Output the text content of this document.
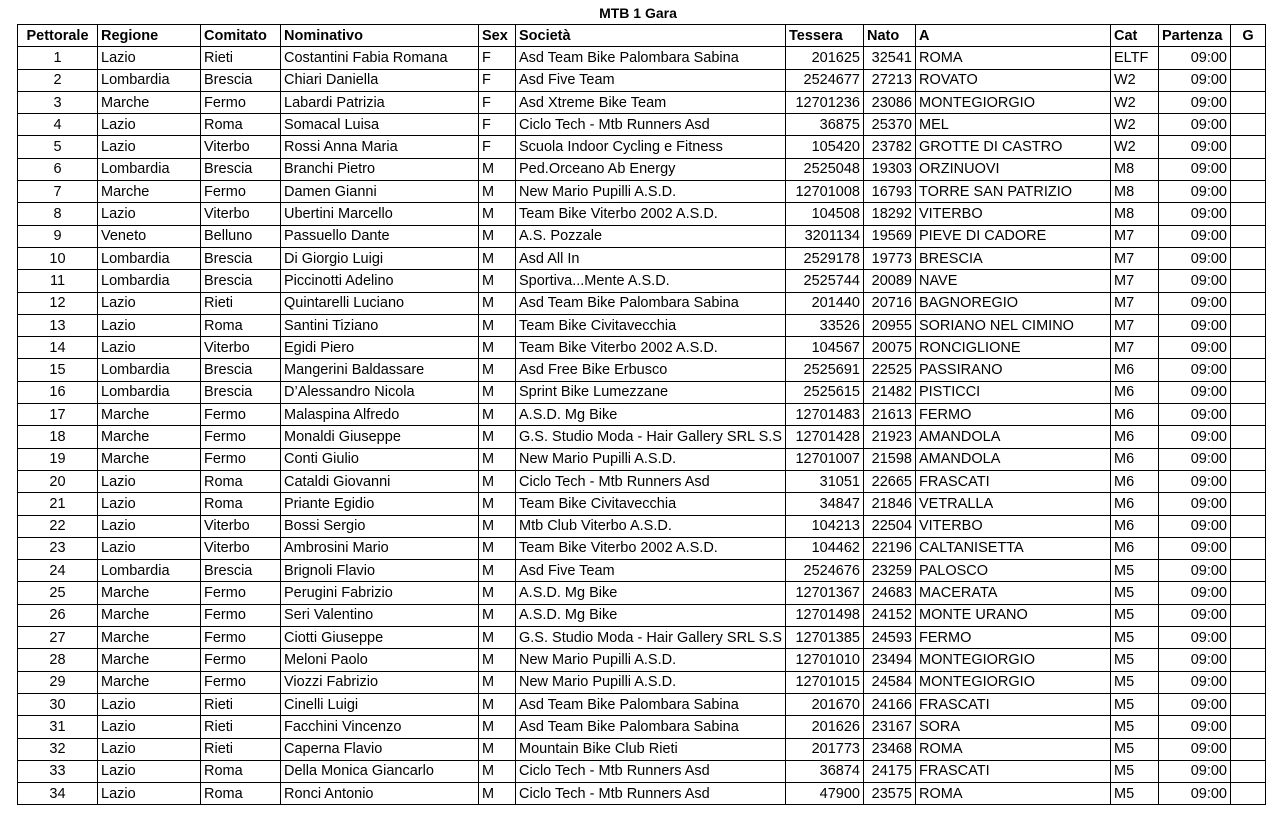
MTB 1 Gara
Pettorale	Regione	Comitato	Nominativo	Sex	Società	Tessera	Nato	A	Cat	Partenza	G
1	Lazio	Rieti	Costantini Fabia Romana	F	Asd Team Bike Palombara Sabina	201625	32541	ROMA	ELTF	09:00	
2	Lombardia	Brescia	Chiari Daniella	F	Asd Five Team	2524677	27213	ROVATO	W2	09:00	
3	Marche	Fermo	Labardi Patrizia	F	Asd Xtreme Bike Team	12701236	23086	MONTEGIORGIO	W2	09:00	
4	Lazio	Roma	Somacal Luisa	F	Ciclo Tech - Mtb Runners Asd	36875	25370	MEL	W2	09:00	
5	Lazio	Viterbo	Rossi Anna Maria	F	Scuola Indoor Cycling e Fitness	105420	23782	GROTTE DI CASTRO	W2	09:00	
6	Lombardia	Brescia	Branchi Pietro	M	Ped.Orceano Ab Energy	2525048	19303	ORZINUOVI	M8	09:00	
7	Marche	Fermo	Damen Gianni	M	New Mario Pupilli A.S.D.	12701008	16793	TORRE SAN PATRIZIO	M8	09:00	
8	Lazio	Viterbo	Ubertini Marcello	M	Team Bike Viterbo 2002 A.S.D.	104508	18292	VITERBO	M8	09:00	
9	Veneto	Belluno	Passuello Dante	M	A.S. Pozzale	3201134	19569	PIEVE DI CADORE	M7	09:00	
10	Lombardia	Brescia	Di Giorgio Luigi	M	Asd All In	2529178	19773	BRESCIA	M7	09:00	
11	Lombardia	Brescia	Piccinotti Adelino	M	Sportiva...Mente A.S.D.	2525744	20089	NAVE	M7	09:00	
12	Lazio	Rieti	Quintarelli Luciano	M	Asd Team Bike Palombara Sabina	201440	20716	BAGNOREGIO	M7	09:00	
13	Lazio	Roma	Santini Tiziano	M	Team Bike Civitavecchia	33526	20955	SORIANO NEL CIMINO	M7	09:00	
14	Lazio	Viterbo	Egidi Piero	M	Team Bike Viterbo 2002 A.S.D.	104567	20075	RONCIGLIONE	M7	09:00	
15	Lombardia	Brescia	Mangerini Baldassare	M	Asd Free Bike Erbusco	2525691	22525	PASSIRANO	M6	09:00	
16	Lombardia	Brescia	D’Alessandro Nicola	M	Sprint Bike Lumezzane	2525615	21482	PISTICCI	M6	09:00	
17	Marche	Fermo	Malaspina Alfredo	M	A.S.D. Mg Bike	12701483	21613	FERMO	M6	09:00	
18	Marche	Fermo	Monaldi Giuseppe	M	G.S. Studio Moda - Hair Gallery SRL S.S	12701428	21923	AMANDOLA	M6	09:00	
19	Marche	Fermo	Conti Giulio	M	New Mario Pupilli A.S.D.	12701007	21598	AMANDOLA	M6	09:00	
20	Lazio	Roma	Cataldi Giovanni	M	Ciclo Tech - Mtb Runners Asd	31051	22665	FRASCATI	M6	09:00	
21	Lazio	Roma	Priante Egidio	M	Team Bike Civitavecchia	34847	21846	VETRALLA	M6	09:00	
22	Lazio	Viterbo	Bossi Sergio	M	Mtb Club Viterbo A.S.D.	104213	22504	VITERBO	M6	09:00	
23	Lazio	Viterbo	Ambrosini Mario	M	Team Bike Viterbo 2002 A.S.D.	104462	22196	CALTANISETTA	M6	09:00	
24	Lombardia	Brescia	Brignoli Flavio	M	Asd Five Team	2524676	23259	PALOSCO	M5	09:00	
25	Marche	Fermo	Perugini Fabrizio	M	A.S.D. Mg Bike	12701367	24683	MACERATA	M5	09:00	
26	Marche	Fermo	Seri Valentino	M	A.S.D. Mg Bike	12701498	24152	MONTE URANO	M5	09:00	
27	Marche	Fermo	Ciotti Giuseppe	M	G.S. Studio Moda - Hair Gallery SRL S.S	12701385	24593	FERMO	M5	09:00	
28	Marche	Fermo	Meloni Paolo	M	New Mario Pupilli A.S.D.	12701010	23494	MONTEGIORGIO	M5	09:00	
29	Marche	Fermo	Viozzi Fabrizio	M	New Mario Pupilli A.S.D.	12701015	24584	MONTEGIORGIO	M5	09:00	
30	Lazio	Rieti	Cinelli Luigi	M	Asd Team Bike Palombara Sabina	201670	24166	FRASCATI	M5	09:00	
31	Lazio	Rieti	Facchini Vincenzo	M	Asd Team Bike Palombara Sabina	201626	23167	SORA	M5	09:00	
32	Lazio	Rieti	Caperna Flavio	M	Mountain Bike Club Rieti	201773	23468	ROMA	M5	09:00	
33	Lazio	Roma	Della Monica Giancarlo	M	Ciclo Tech - Mtb Runners Asd	36874	24175	FRASCATI	M5	09:00	
34	Lazio	Roma	Ronci Antonio	M	Ciclo Tech - Mtb Runners Asd	47900	23575	ROMA	M5	09:00	
